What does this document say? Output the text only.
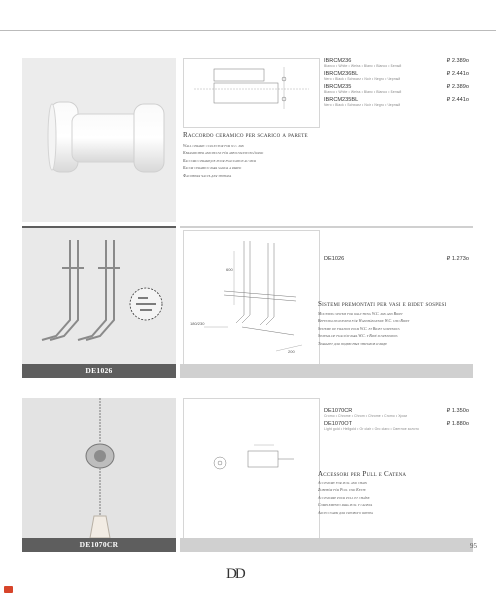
IBRCM236	₽ 2.389о
Bianco • White • Weiss • Blanc • Blanco • Белый
IBRCM236BL	₽ 2.441о
Nero • Black • Schwarz • Noir • Negro • Черный
IBRCM235	₽ 2.389о
Bianco • White • Weiss • Blanc • Blanco • Белый
IBRCM235BL	₽ 2.441о
Nero • Black • Schwarz • Noir • Negro • Черный
Raccordo ceramico per scarico a parete
Wall ceramic collector for w.c. pan
Keramischer anschluss für abflussleitung/wand
Raccord ceramique pour evacuation au mur
Racor ceramico para salida a pared
Фасонная часть для унитаза
DE1026
600
180/230
200
DE1026	₽ 1.273о
Sistemi premontati per vasi e bidet sospesi
Mounting system for wall-hung W.C. pan and Bidet
Befestigungssystem für Wandhängende W.C. und Bidet
Systeme de fixation pour W.C. et Bidet suspendus
Sistema de fijación para W.C. y Bidé suspendidos
Трафарет для подвесных унитазов и биде
DE1070CR
DE1070CR	₽ 1.350о
Cromo • Chrome • Chrom • Chrome • Cromo • Хром
DE1070OT	₽ 1.880о
Light gold • Hellgold • Or clair • Oro claro • Светлое золото
Accessori per Pull e Catena
Accessory for pull and chain
Zubehör für Pull und Kette
Accessoire pour pull et chaîne
Complemento para pull y cadena
Аксессуары для тягового шнура
95
DD
